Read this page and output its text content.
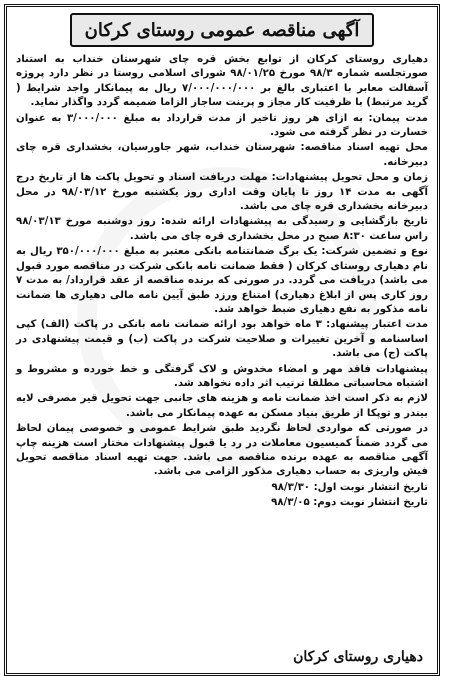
آگهی مناقصه عمومی روستای کرکان

دهیاری روستای کرکان از توابع بخش قره چای شهرستان خنداب به استناد صورتجلسه شماره ۹۸/۳ مورخ ۹۸/۰۱/۲۵ شورای اسلامی روستا در نظر دارد پروژه آسفالت معابر با اعتباری بالغ بر ۷/۰۰۰/۰۰۰/۰۰۰ ریال به پیمانکار واجد شرایط ( گرید مرتبط) با ظرفیت کار مجاز و پرینت ساجار الزاما ضمیمه گردد واگذار نماید.

مدت پیمان: به ازای هر روز تاخیر از مدت قرارداد به مبلغ ۳/۰۰۰/۰۰۰ به عنوان خسارت در نظر گرفته می شود.

محل تهیه اسناد مناقصه: شهرستان خنداب، شهر جاورسیان، بخشداری قره چای دبیرخانه.

زمان و محل تحویل پیشنهادات: مهلت دریافت اسناد و تحویل پاکت ها از تاریخ درج آگهی به مدت ۱۴ روز تا پایان وقت اداری روز یکشنبه مورخ ۹۸/۰۳/۱۲ در محل دبیرخانه بخشداری قره چای می باشد.

تاریخ بازگشایی و رسیدگی به پیشنهادات ارائه شده: روز دوشنبه مورخ ۹۸/۰۳/۱۳ راس ساعت ۸:۳۰ صبح در محل بخشداری قره چای می باشد.

نوع و تضمین شرکت: یک برگ ضمانتنامه بانکی معتبر به مبلغ ۳۵۰/۰۰۰/۰۰۰ ریال به نام دهیاری روستای کرکان ( فقط ضمانت نامه بانکی شرکت در مناقصه مورد قبول می باشد) دریافت می گردد. در صورتی که برنده مناقصه از عقد قرارداد/ به مدت ۷ روز کاری پس از ابلاغ دهیاری) امتناع ورزد طبق آیین نامه مالی دهیاری ها ضمانت نامه مذکور به نفع دهیاری ضبط خواهد شد.

مدت اعتبار پیشنهاد: ۳ ماه خواهد بود ارائه ضمانت نامه بانکی در پاکت (الف) کپی اساسنامه و آخرین تغییرات و صلاحیت شرکت در پاکت (ب) و قیمت پیشنهادی در پاکت (ج) می باشد.

پیشنهادات فاقد مهر و امضاء مخدوش و لاک گرفتگی و خط خورده و مشروط و اشتباه محاسباتی مطلقا ترتیب اثر داده نخواهد شد.

لازم به ذکر است اخذ ضمانت نامه و هزینه های جانبی جهت تحویل قیر مصرفی لایه بیندر و توپکا از طریق بنیاد مسکن به عهده پیمانکار می باشد.

در صورتی که مواردی لحاظ نگردید طبق شرایط عمومی و خصوصی پیمان لحاظ می گردد ضمناً کمیسیون معاملات در رد یا قبول پیشنهادات مختار است هزینه چاپ آگهی مناقصه به عهده برنده مناقصه می باشد. جهت تهیه اسناد مناقصه تحویل فیش واریزی به حساب دهیاری مذکور الزامی می باشد.

تاریخ انتشار نوبت اول: ۹۸/۳/۳۰

تاریخ انتشار نوبت دوم: ۹۸/۳/۰۵

دهیاری روستای کرکان
